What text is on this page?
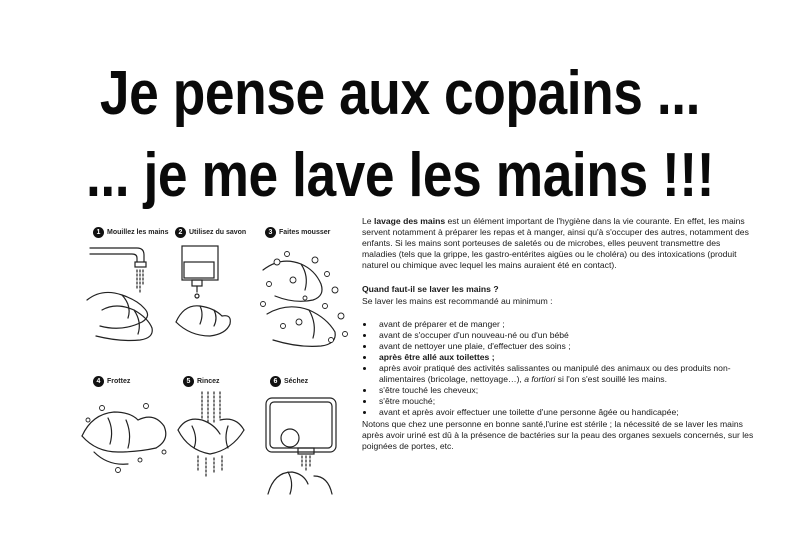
Je pense aux copains ...
... je me lave les mains !!!
1 Mouillez les mains	2 Utilisez du savon	3 Faites mousser
4 Frottez	5 Rincez	6 Séchez

Le lavage des mains est un élément important de l'hygiène dans la vie courante. En effet, les mains servent notamment à préparer les repas et à manger, ainsi qu'à s'occuper des autres, notamment des enfants. Si les mains sont porteuses de saletés ou de microbes, elles peuvent transmettre des maladies (tels que la grippe, les gastro-entérites aigües ou le choléra) ou des intoxications (produit naturel ou chimique avec lequel les mains auraient été en contact).

Quand faut-il se laver les mains ?

Se laver les mains est recommandé au minimum :

avant de préparer et de manger ;
avant de s'occuper d'un nouveau-né ou d'un bébé
avant de nettoyer une plaie, d'effectuer des soins ;
après être allé aux toilettes ;
après avoir pratiqué des activités salissantes ou manipulé des animaux ou des produits non-alimentaires (bricolage, nettoyage…), a fortiori si l'on s'est souillé les mains.
s'être touché les cheveux;
s'être mouché;
avant et après avoir effectuer une toilette d'une personne âgée ou handicapée;

Notons que chez une personne en bonne santé,l'urine est stérile ; la nécessité de se laver les mains après avoir uriné est dû à la présence de bactéries sur la peau des organes sexuels concernés, sur les poignées de portes, etc.
